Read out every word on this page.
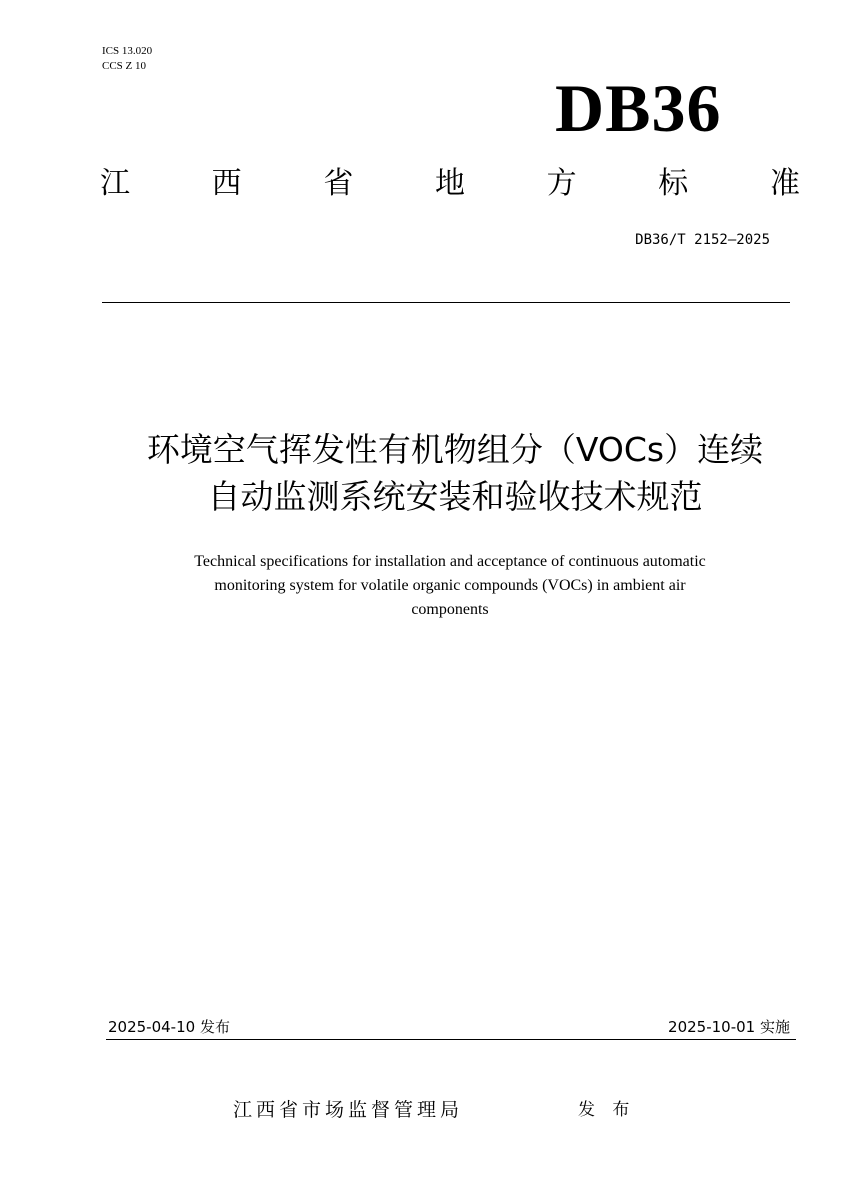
ICS 13.020
CCS Z 10
DB36
江	西	省	地	方	标	准
DB36/T 2152—2025
环境空气挥发性有机物组分（VOCs）连续
自动监测系统安装和验收技术规范
Technical specifications for installation and acceptance of continuous automatic
monitoring system for volatile organic compounds (VOCs) in ambient air
components
2025-04-10 发布	2025-10-01 实施
江西省市场监督管理局	发 布
